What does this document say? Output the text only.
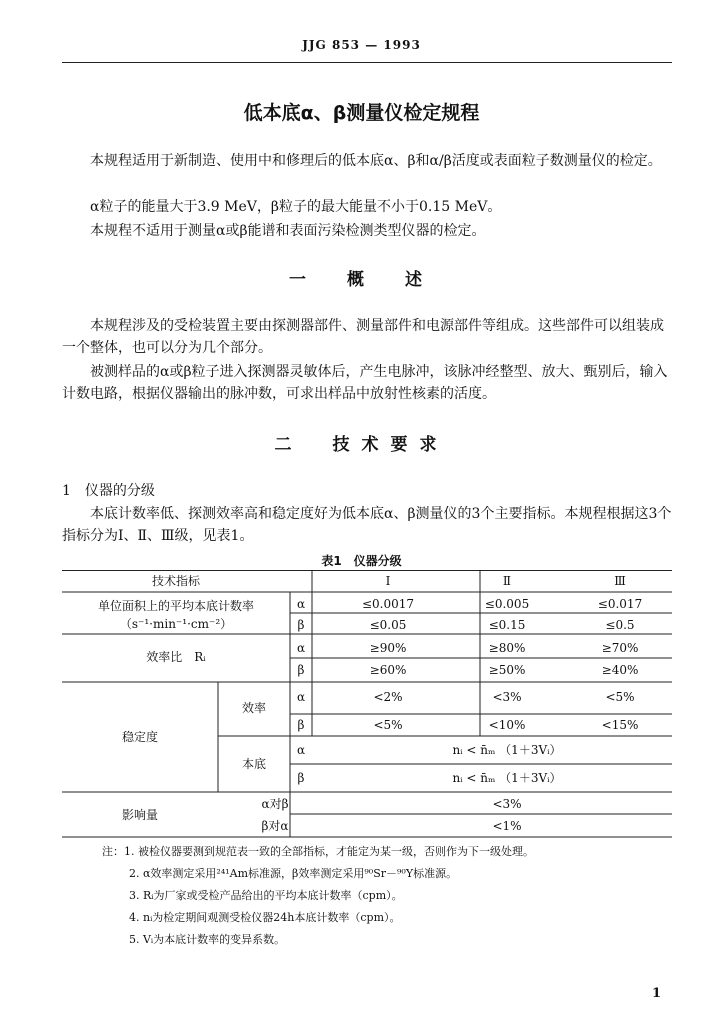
JJG 853 — 1993
低本底α、β测量仪检定规程

本规程适用于新制造、使用中和修理后的低本底α、β和α/β活度或表面粒子数测量仪的检定。

α粒子的能量大于3.9 MeV，β粒子的最大能量不小于0.15 MeV。

本规程不适用于测量α或β能谱和表面污染检测类型仪器的检定。

一　概　述

本规程涉及的受检装置主要由探测器部件、测量部件和电源部件等组成。这些部件可以组装成一个整体，也可以分为几个部分。

被测样品的α或β粒子进入探测器灵敏体后，产生电脉冲，该脉冲经整型、放大、甄别后，输入计数电路，根据仪器输出的脉冲数，可求出样品中放射性核素的活度。

二　技术要求
1　仪器的分级

本底计数率低、探测效率高和稳定度好为低本底α、β测量仪的3个主要指标。本规程根据这3个指标分为Ⅰ、Ⅱ、Ⅲ级，见表1。

表1　仪器分级
技术指标	Ⅰ	Ⅱ	Ⅲ
单位面积上的平均本底计数率
（s⁻¹·min⁻¹·cm⁻²）
α	≤0.0017	≤0.005	≤0.017
β	≤0.05	≤0.15	≤0.5
效率比　Rᵢ
α	≥90%	≥80%	≥70%
β	≥60%	≥50%	≥40%
稳定度
效率
α	<2%	<3%	<5%
β	<5%	<10%	<15%
本底
α	nᵢ < n̄ₘ （1＋3Vᵢ）
β	nᵢ < n̄ₘ （1＋3Vᵢ）
影响量
α对β	<3%
β对α	<1%
注：1. 被检仪器要测到规范表一致的全部指标，才能定为某一级，否则作为下一级处理。
2. α效率测定采用²⁴¹Am标准源，β效率测定采用⁹⁰Sr－⁹⁰Y标准源。
3. Rᵢ为厂家或受检产品给出的平均本底计数率（cpm）。
4. nᵢ为检定期间观测受检仪器24h本底计数率（cpm）。
5. Vᵢ为本底计数率的变异系数。
1
